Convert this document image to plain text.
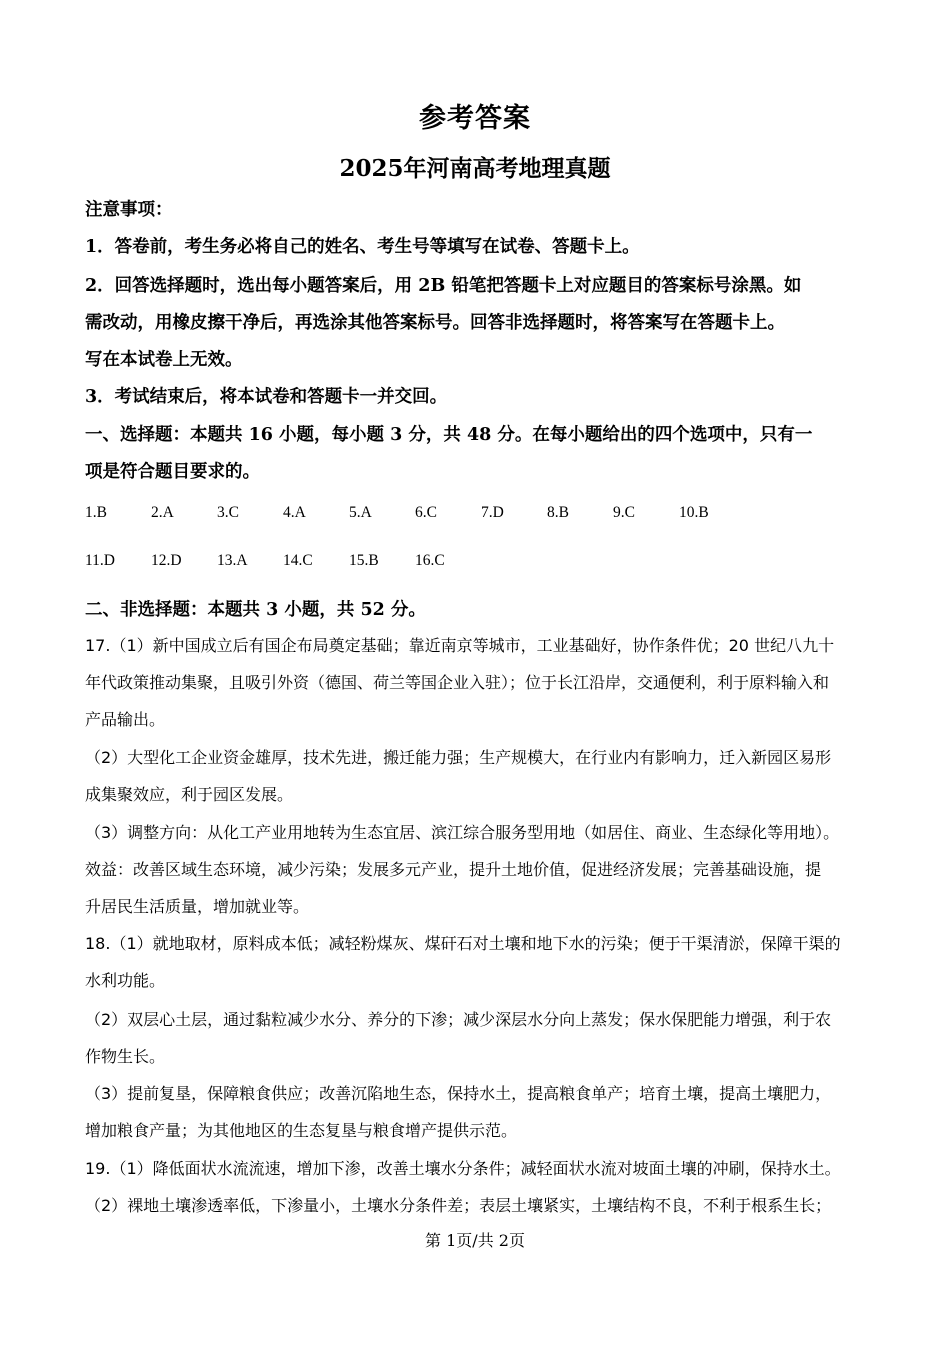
参考答案
2025年河南高考地理真题
注意事项：
1．答卷前，考生务必将自己的姓名、考生号等填写在试卷、答题卡上。
2．回答选择题时，选出每小题答案后，用 2B 铅笔把答题卡上对应题目的答案标号涂黑。如
需改动，用橡皮擦干净后，再选涂其他答案标号。回答非选择题时，将答案写在答题卡上。
写在本试卷上无效。
3．考试结束后，将本试卷和答题卡一并交回。
一、选择题：本题共 16 小题，每小题 3 分，共 48 分。在每小题给出的四个选项中，只有一
项是符合题目要求的。
1.B	2.A	3.C	4.A	5.A	6.C	7.D	8.B	9.C	10.B
11.D 12.D 13.A 14.C 15.B 16.C
二、非选择题：本题共 3 小题，共 52 分。
17.（1）新中国成立后有国企布局奠定基础；靠近南京等城市，工业基础好，协作条件优；20 世纪八九十
年代政策推动集聚，且吸引外资（德国、荷兰等国企业入驻）；位于长江沿岸，交通便利，利于原料输入和
产品输出。
（2）大型化工企业资金雄厚，技术先进，搬迁能力强；生产规模大，在行业内有影响力，迁入新园区易形
成集聚效应，利于园区发展。
（3）调整方向：从化工产业用地转为生态宜居、滨江综合服务型用地（如居住、商业、生态绿化等用地）。
效益：改善区域生态环境，减少污染；发展多元产业，提升土地价值，促进经济发展；完善基础设施，提
升居民生活质量，增加就业等。
18.（1）就地取材，原料成本低；减轻粉煤灰、煤矸石对土壤和地下水的污染；便于干渠清淤，保障干渠的
水利功能。
（2）双层心土层，通过黏粒减少水分、养分的下渗；减少深层水分向上蒸发；保水保肥能力增强，利于农
作物生长。
（3）提前复垦，保障粮食供应；改善沉陷地生态，保持水土，提高粮食单产；培育土壤，提高土壤肥力，
增加粮食产量；为其他地区的生态复垦与粮食增产提供示范。
19.（1）降低面状水流流速，增加下渗，改善土壤水分条件；减轻面状水流对坡面土壤的冲刷，保持水土。
（2）裸地土壤渗透率低，下渗量小，土壤水分条件差；表层土壤紧实，土壤结构不良，不利于根系生长；
第 1页/共 2页
